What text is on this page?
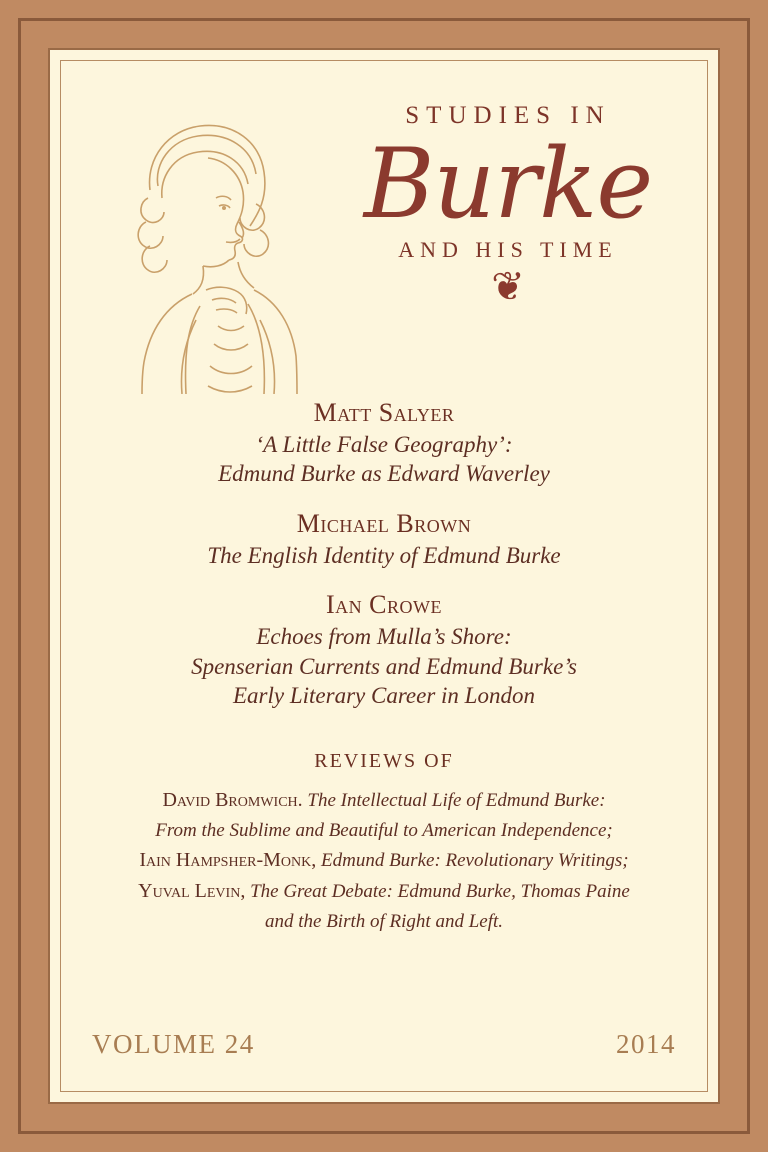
STUDIES IN
Burke
AND HIS TIME
❦
Matt Salyer
‘A Little False Geography’:
Edmund Burke as Edward Waverley
Michael Brown
The English Identity of Edmund Burke
Ian Crowe
Echoes from Mulla’s Shore:
Spenserian Currents and Edmund Burke’s
Early Literary Career in London
REVIEWS OF
David Bromwich. The Intellectual Life of Edmund Burke:
From the Sublime and Beautiful to American Independence;
Iain Hampsher-Monk, Edmund Burke: Revolutionary Writings;
Yuval Levin, The Great Debate: Edmund Burke, Thomas Paine
and the Birth of Right and Left.
VOLUME 24	2014
